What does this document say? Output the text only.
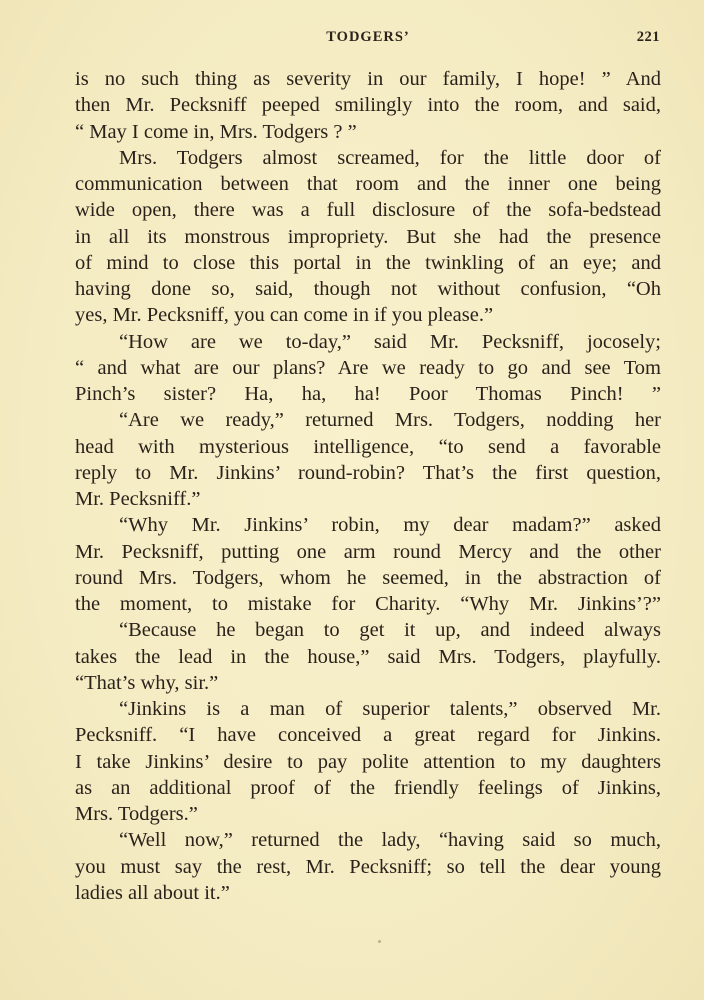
TODGERS’	221

is no such thing as severity in our family, I hope! ” And

then Mr. Pecksniff peeped smilingly into the room, and said,

“ May I come in, Mrs. Todgers ? ”

Mrs. Todgers almost screamed, for the little door of

communication between that room and the inner one being

wide open, there was a full disclosure of the sofa-bedstead

in all its monstrous impropriety. But she had the presence

of mind to close this portal in the twinkling of an eye; and

having done so, said, though not without confusion, “Oh

yes, Mr. Pecksniff, you can come in if you please.”

“How are we to-day,” said Mr. Pecksniff, jocosely;

“ and what are our plans? Are we ready to go and see Tom

Pinch’s sister? Ha, ha, ha! Poor Thomas Pinch! ”

“Are we ready,” returned Mrs. Todgers, nodding her

head with mysterious intelligence, “to send a favorable

reply to Mr. Jinkins’ round-robin? That’s the first question,

Mr. Pecksniff.”

“Why Mr. Jinkins’ robin, my dear madam?” asked

Mr. Pecksniff, putting one arm round Mercy and the other

round Mrs. Todgers, whom he seemed, in the abstraction of

the moment, to mistake for Charity. “Why Mr. Jinkins’?”

“Because he began to get it up, and indeed always

takes the lead in the house,” said Mrs. Todgers, playfully.

“That’s why, sir.”

“Jinkins is a man of superior talents,” observed Mr.

Pecksniff. “I have conceived a great regard for Jinkins.

I take Jinkins’ desire to pay polite attention to my daughters

as an additional proof of the friendly feelings of Jinkins,

Mrs. Todgers.”

“Well now,” returned the lady, “having said so much,

you must say the rest, Mr. Pecksniff; so tell the dear young

ladies all about it.”
